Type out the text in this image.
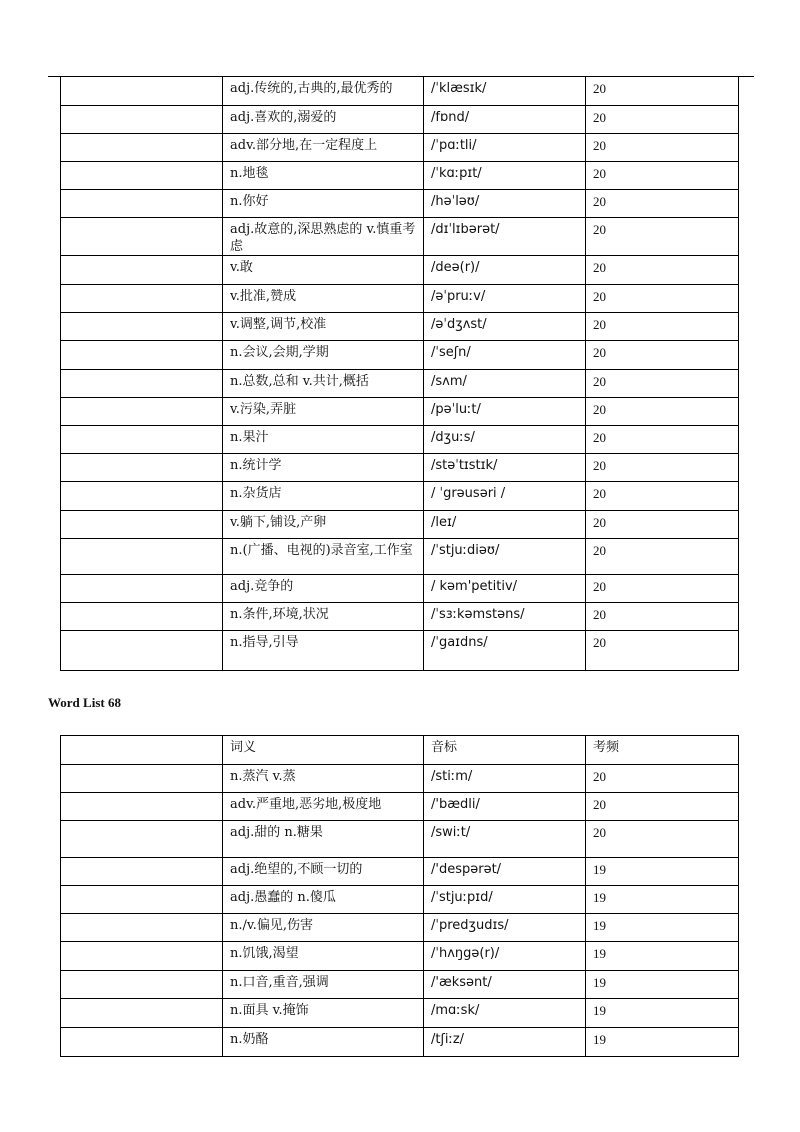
	adj.传统的,古典的,最优秀的	/ˈklæsɪk/	20
	adj.喜欢的,溺爱的	/fɒnd/	20
	adv.部分地,在一定程度上	/ˈpɑːtli/	20
	n.地毯	/ˈkɑːpɪt/	20
	n.你好	/həˈləʊ/	20
	adj.故意的,深思熟虑的 v.慎重考虑	/dɪˈlɪbərət/	20
	v.敢	/deə(r)/	20
	v.批准,赞成	/əˈpruːv/	20
	v.调整,调节,校准	/əˈdʒʌst/	20
	n.会议,会期,学期	/ˈseʃn/	20
	n.总数,总和 v.共计,概括	/sʌm/	20
	v.污染,弄脏	/pəˈluːt/	20
	n.果汁	/dʒuːs/	20
	n.统计学	/stəˈtɪstɪk/	20
	n.杂货店	/ ˈgrəusəri /	20
	v.躺下,铺设,产卵	/leɪ/	20
	n.(广播、电视的)录音室,工作室	/ˈstjuːdiəʊ/	20
	adj.竞争的	/ kəm'petitiv/	20
	n.条件,环境,状况	/ˈsɜːkəmstəns/	20
	n.指导,引导	/ˈgaɪdns/	20
Word List 68
	词义	音标	考频
	n.蒸汽 v.蒸	/stiːm/	20
	adv.严重地,恶劣地,极度地	/'bædli/	20
	adj.甜的 n.糖果	/swiːt/	20
	adj.绝望的,不顾一切的	/'despərət/	19
	adj.愚蠢的 n.傻瓜	/ˈstjuːpɪd/	19
	n./v.偏见,伤害	/ˈpredʒudɪs/	19
	n.饥饿,渴望	/ˈhʌŋgə(r)/	19
	n.口音,重音,强调	/'æksənt/	19
	n.面具 v.掩饰	/mɑːsk/	19
	n.奶酪	/tʃiːz/	19
